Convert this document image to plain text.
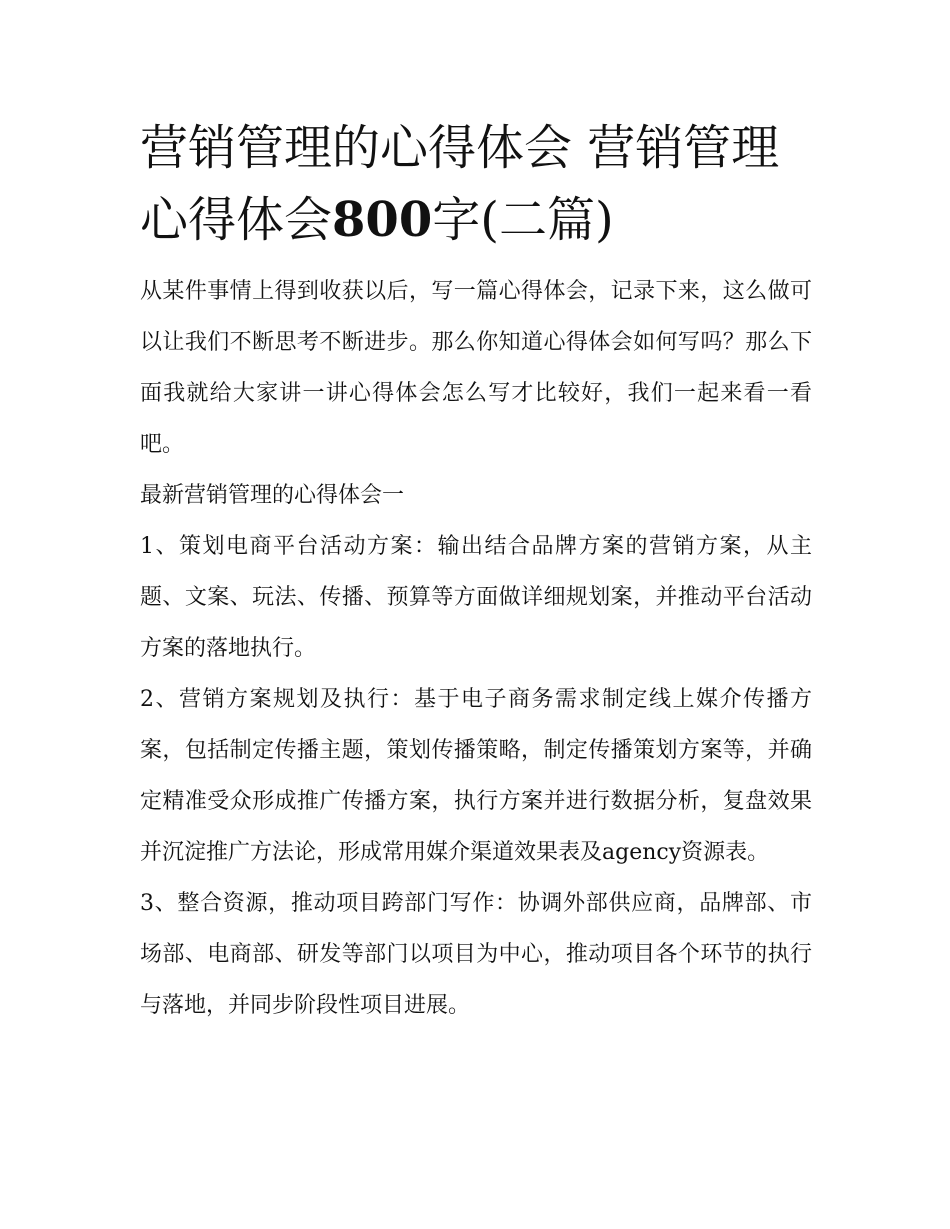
营销管理的心得体会 营销管理心得体会800字(二篇)

从某件事情上得到收获以后，写一篇心得体会，记录下来，这么做可以让我们不断思考不断进步。那么你知道心得体会如何写吗？那么下面我就给大家讲一讲心得体会怎么写才比较好，我们一起来看一看吧。

最新营销管理的心得体会一

1、策划电商平台活动方案：输出结合品牌方案的营销方案，从主题、文案、玩法、传播、预算等方面做详细规划案，并推动平台活动方案的落地执行。

2、营销方案规划及执行：基于电子商务需求制定线上媒介传播方案，包括制定传播主题，策划传播策略，制定传播策划方案等，并确定精准受众形成推广传播方案，执行方案并进行数据分析，复盘效果并沉淀推广方法论，形成常用媒介渠道效果表及agency资源表。

3、整合资源，推动项目跨部门写作：协调外部供应商，品牌部、市场部、电商部、研发等部门以项目为中心，推动项目各个环节的执行与落地，并同步阶段性项目进展。
